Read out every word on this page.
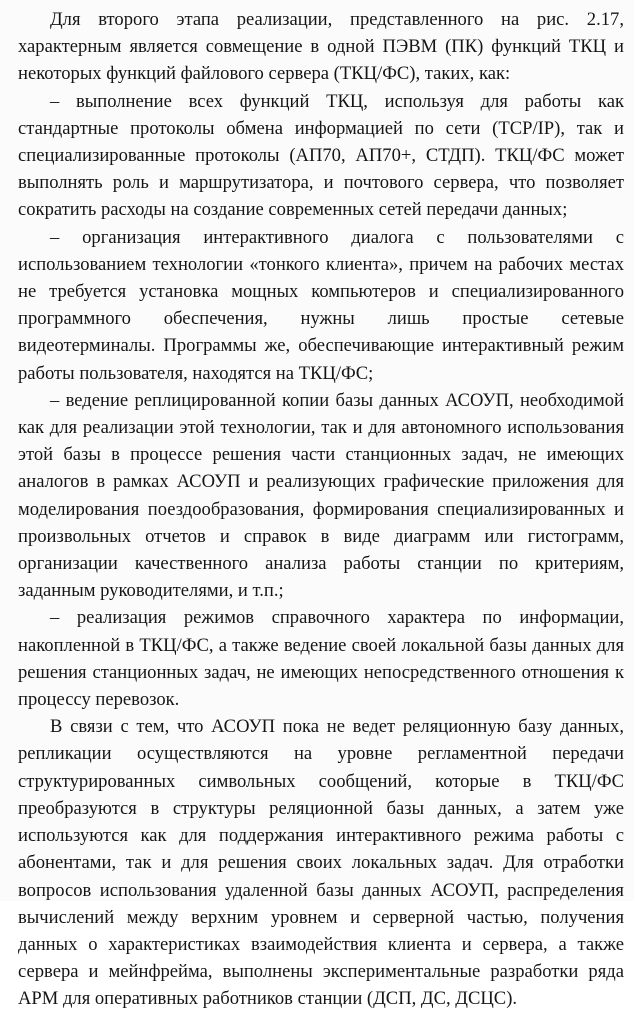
Для второго этапа реализации, представленного на рис. 2.17, характерным является совмещение в одной ПЭВМ (ПК) функций ТКЦ и некоторых функций файлового сервера (ТКЦ/ФС), таких, как:

– выполнение всех функций ТКЦ, используя для работы как стандартные протоколы обмена информацией по сети (TCP/IP), так и специализированные протоколы (АП70, АП70+, СТДП). ТКЦ/ФС может выполнять роль и маршрутизатора, и почтового сервера, что позволяет сократить расходы на создание современных сетей передачи данных;

– организация интерактивного диалога с пользователями с использованием технологии «тонкого клиента», причем на рабочих местах не требуется установка мощных компьютеров и специализированного программного обеспечения, нужны лишь простые сетевые видеотерминалы. Программы же, обеспечивающие интерактивный режим работы пользователя, находятся на ТКЦ/ФС;

– ведение реплицированной копии базы данных АСОУП, необходимой как для реализации этой технологии, так и для автономного использования этой базы в процессе решения части станционных задач, не имеющих аналогов в рамках АСОУП и реализующих графические приложения для моделирования поездообразования, формирования специализированных и произвольных отчетов и справок в виде диаграмм или гистограмм, организации качественного анализа работы станции по критериям, заданным руководителями, и т.п.;

– реализация режимов справочного характера по информации, накопленной в ТКЦ/ФС, а также ведение своей локальной базы данных для решения станционных задач, не имеющих непосредственного отношения к процессу перевозок.

В связи с тем, что АСОУП пока не ведет реляционную базу данных, репликации осуществляются на уровне регламентной передачи структурированных символьных сообщений, которые в ТКЦ/ФС преобразуются в структуры реляционной базы данных, а затем уже используются как для поддержания интерактивного режима работы с абонентами, так и для решения своих локальных задач. Для отработки вопросов использования удаленной базы данных АСОУП, распределения вычислений между верхним уровнем и серверной частью, получения данных о характеристиках взаимодействия клиента и сервера, а также сервера и мейнфрейма, выполнены экспериментальные разработки ряда АРМ для оперативных работников станции (ДСП, ДС, ДСЦС).
